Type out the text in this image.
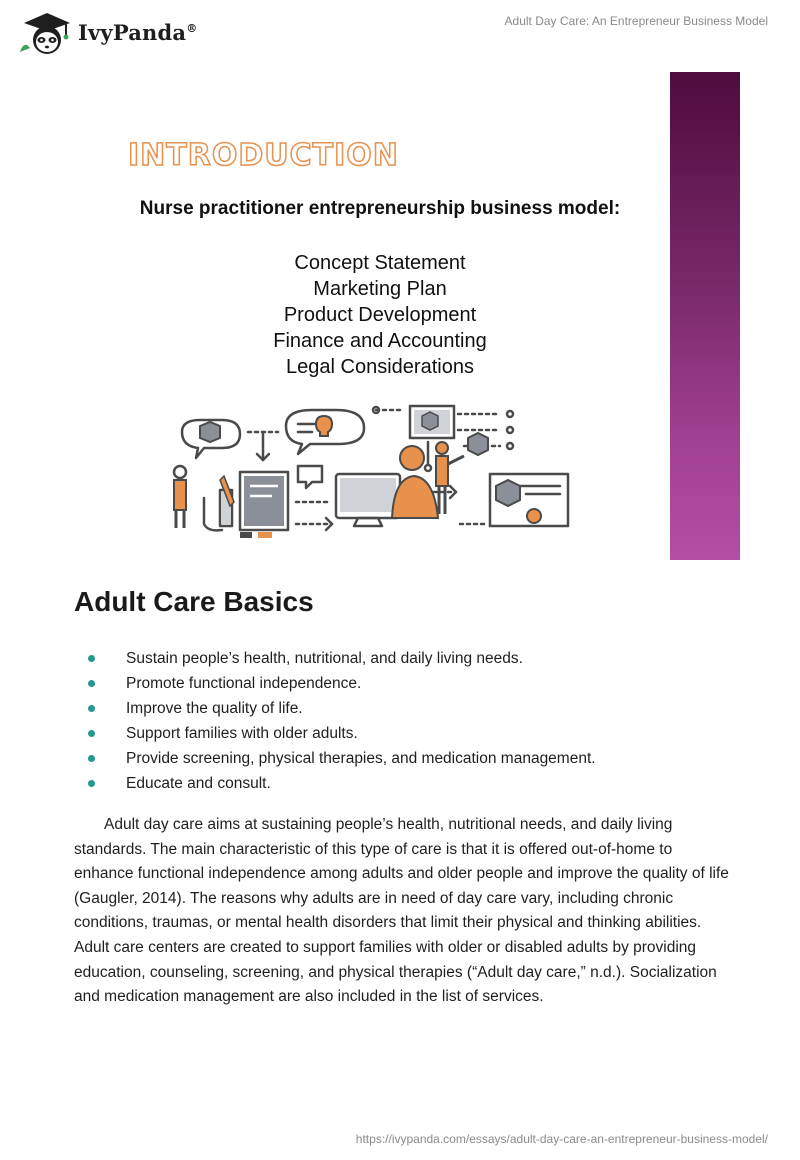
IvyPanda®
Adult Day Care: An Entrepreneur Business Model
INTRODUCTION
Nurse practitioner entrepreneurship business model:
Concept Statement
Marketing Plan
Product Development
Finance and Accounting
Legal Considerations
Adult Care Basics
Sustain people’s health, nutritional, and daily living needs.
Promote functional independence.
Improve the quality of life.
Support families with older adults.
Provide screening, physical therapies, and medication management.
Educate and consult.

Adult day care aims at sustaining people’s health, nutritional needs, and daily living standards. The main characteristic of this type of care is that it is offered out-of-home to enhance functional independence among adults and older people and improve the quality of life (Gaugler, 2014). The reasons why adults are in need of day care vary, including chronic conditions, traumas, or mental health disorders that limit their physical and thinking abilities. Adult care centers are created to support families with older or disabled adults by providing education, counseling, screening, and physical therapies (“Adult day care,” n.d.). Socialization and medication management are also included in the list of services.

https://ivypanda.com/essays/adult-day-care-an-entrepreneur-business-model/
